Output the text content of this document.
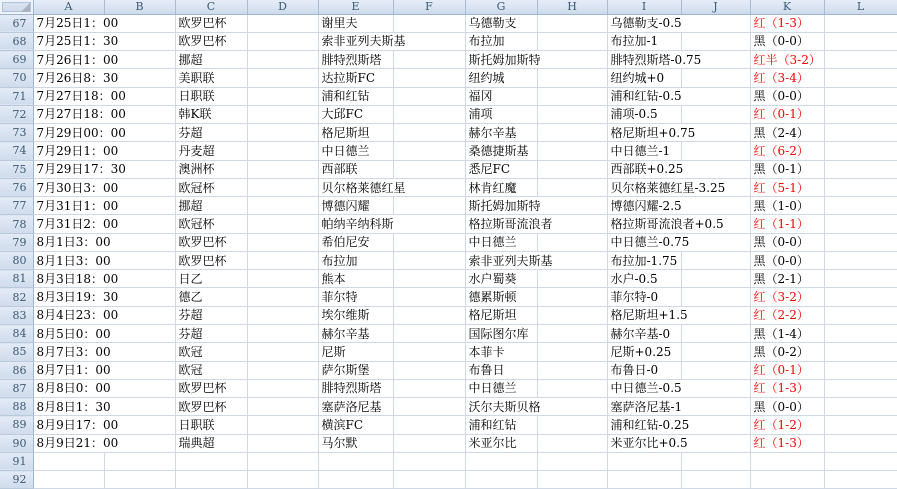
	A	B	C	D	E	F	G	H	I	J	K	L
67	7月25日1：00		欧罗巴杯		谢里夫		乌德勒支		乌德勒支-0.5		红（1-3）	
68	7月25日1：30		欧罗巴杯		索非亚列夫斯基		布拉加		布拉加-1		黑（0-0）	
69	7月26日1：00		挪超		腓特烈斯塔		斯托姆加斯特		腓特烈斯塔-0.75		红半（3-2）	
70	7月26日8：30		美职联		达拉斯FC		纽约城		纽约城+0		红（3-4）	
71	7月27日18：00		日职联		浦和红钻		福冈		浦和红钻-0.5		黑（0-0）	
72	7月27日18：00		韩K联		大邱FC		浦项		浦项-0.5		红（0-1）	
73	7月29日00：00		芬超		格尼斯坦		赫尔辛基		格尼斯坦+0.75		黑（2-4）	
74	7月29日1：00		丹麦超		中日德兰		桑德捷斯基		中日德兰-1		红（6-2）	
75	7月29日17：30		澳洲杯		西部联		悉尼FC		西部联+0.25		黑（0-1）	
76	7月30日3：00		欧冠杯		贝尔格莱德红星		林肯红魔		贝尔格莱德红星-3.25		红（5-1）	
77	7月31日1：00		挪超		博德闪耀		斯托姆加斯特		博德闪耀-2.5		黑（1-0）	
78	7月31日2：00		欧冠杯		帕纳辛纳科斯		格拉斯哥流浪者		格拉斯哥流浪者+0.5		红（1-1）	
79	8月1日3：00		欧罗巴杯		希伯尼安		中日德兰		中日德兰-0.75		黑（0-0）	
80	8月1日3：00		欧罗巴杯		布拉加		索非亚列夫斯基		布拉加-1.75		黑（0-0）	
81	8月3日18：00		日乙		熊本		水户蜀葵		水户-0.5		黑（2-1）	
82	8月3日19：30		德乙		菲尔特		德累斯顿		菲尔特-0		红（3-2）	
83	8月4日23：00		芬超		埃尔维斯		格尼斯坦		格尼斯坦+1.5		红（2-2）	
84	8月5日0：00		芬超		赫尔辛基		国际图尔库		赫尔辛基-0		黑（1-4）	
85	8月7日3：00		欧冠		尼斯		本菲卡		尼斯+0.25		黑（0-2）	
86	8月7日1：00		欧冠		萨尔斯堡		布鲁日		布鲁日-0		红（0-1）	
87	8月8日0：00		欧罗巴杯		腓特烈斯塔		中日德兰		中日德兰-0.5		红（1-3）	
88	8月8日1：30		欧罗巴杯		塞萨洛尼基		沃尔夫斯贝格		塞萨洛尼基-1		黑（0-0）	
89	8月9日17：00		日职联		横滨FC		浦和红钻		浦和红钻-0.25		红（1-2）	
90	8月9日21：00		瑞典超		马尔默		米亚尔比		米亚尔比+0.5		红（1-3）	
91												
92												
